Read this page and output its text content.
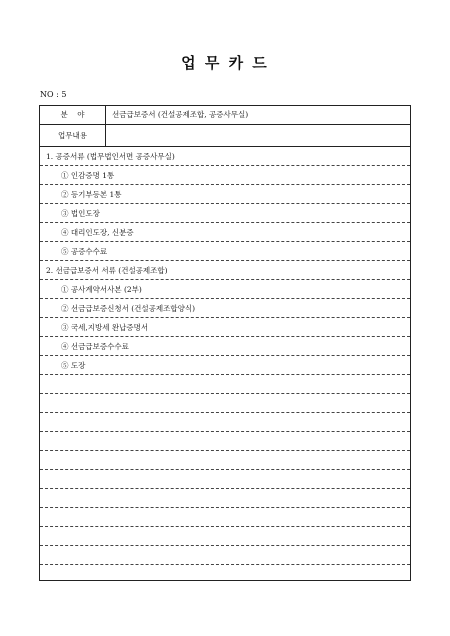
업 무 카 드
NO : 5
분    야	선금급보증서 (건설공제조합, 공증사무실)
업무내용
1. 공증서류 (법무법인서면 공증사무실)
① 인감증명 1통
② 등기부등본 1통
③ 법인도장
④ 대리인도장, 신분증
⑤ 공증수수료
2. 선금급보증서 서류 (건설공제조합)
① 공사계약서사본 (2부)
② 선금급보증신청서 (건설공제조합양식)
③ 국세,지방세 완납증명서
④ 선금급보증수수료
⑤ 도장
